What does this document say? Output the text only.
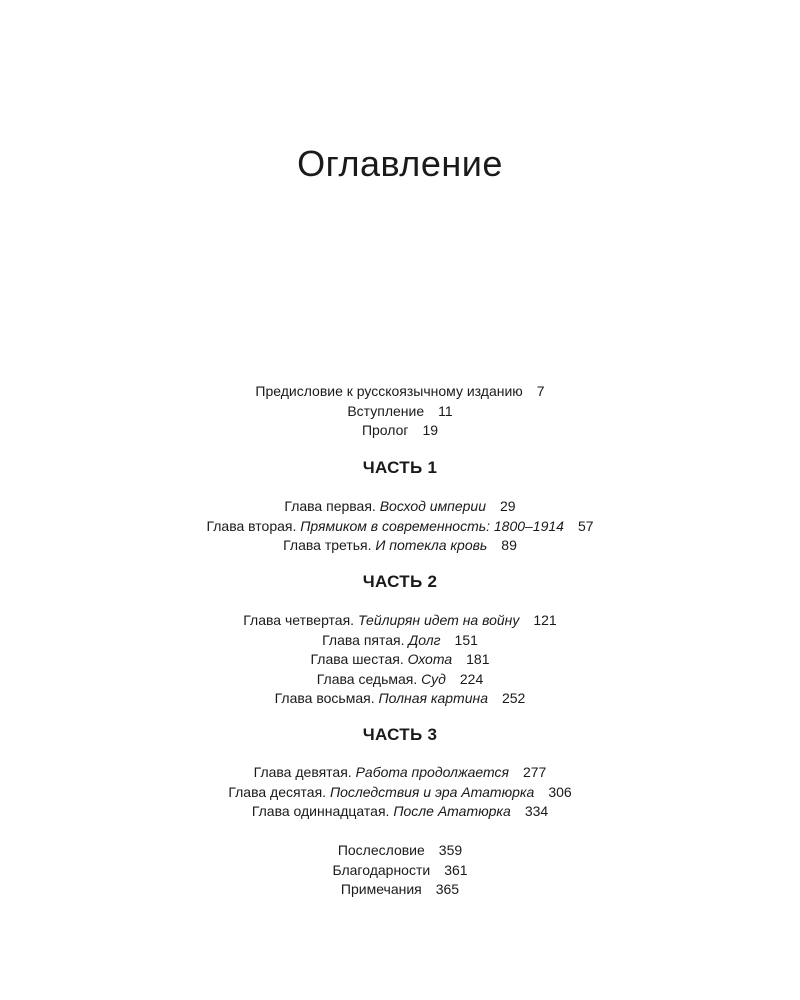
Оглавление
Предисловие к русскоязычному изданию 7
Вступление 11
Пролог 19
ЧАСТЬ 1
Глава первая. Восход империи 29
Глава вторая. Прямиком в современность: 1800–1914 57
Глава третья. И потекла кровь 89
ЧАСТЬ 2
Глава четвертая. Тейлирян идет на войну 121
Глава пятая. Долг 151
Глава шестая. Охота 181
Глава седьмая. Суд 224
Глава восьмая. Полная картина 252
ЧАСТЬ 3
Глава девятая. Работа продолжается 277
Глава десятая. Последствия и эра Ататюрка 306
Глава одиннадцатая. После Ататюрка 334
Послесловие 359
Благодарности 361
Примечания 365
